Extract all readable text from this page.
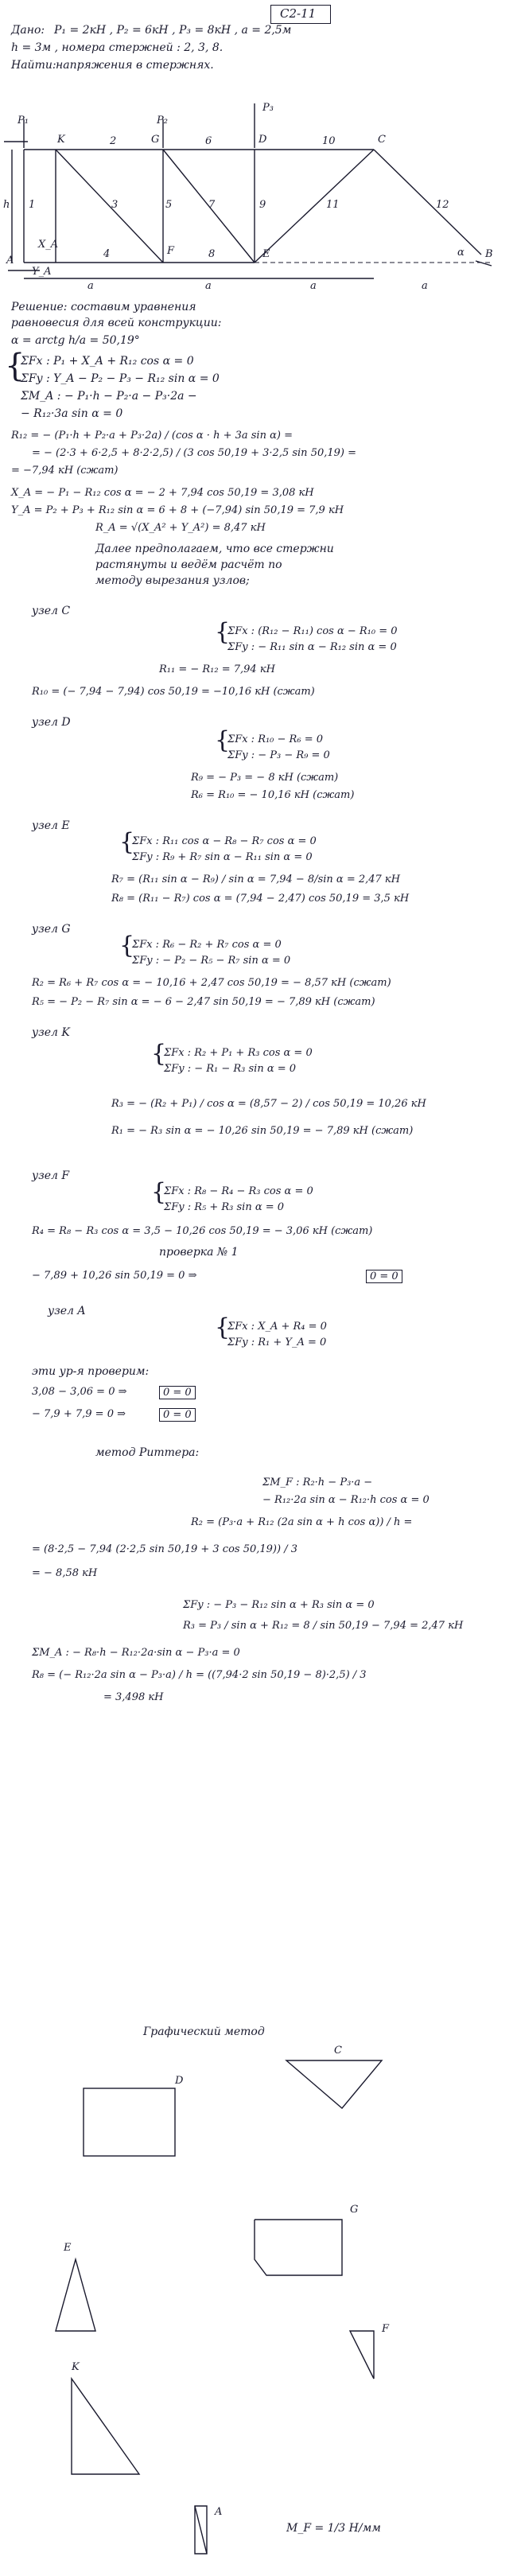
С2-11
Дано: P₁ = 2кН , P₂ = 6кН , P₃ = 8кН , a = 2,5м
h = 3м , номера стержней : 2, 3, 8.
Найти: напряжения в стержнях.
P₁	P₂
P₃
K	G	D	C
A
F	E	B
1
2
3
4
5
6
7
8
9
10
11	12
a	a	a	a
h
α
X_A
Y_A
Решение: составим уравнения
равновесия для всей конструкции:
α = arctg h/a = 50,19°
{
ΣFx : P₁ + X_A + R₁₂ cos α = 0
ΣFy : Y_A − P₂ − P₃ − R₁₂ sin α = 0
ΣM_A : − P₁·h − P₂·a − P₃·2a −
− R₁₂·3a sin α = 0
R₁₂ = − (P₁·h + P₂·a + P₃·2a) / (cos α · h + 3a sin α) =
= − (2·3 + 6·2,5 + 8·2·2,5) / (3 cos 50,19 + 3·2,5 sin 50,19) =
= −7,94 кН (сжат)
X_A = − P₁ − R₁₂ cos α = − 2 + 7,94 cos 50,19 = 3,08 кН
Y_A = P₂ + P₃ + R₁₂ sin α = 6 + 8 + (−7,94) sin 50,19 = 7,9 кН
R_A = √(X_A² + Y_A²) = 8,47 кН
Далее предполагаем, что все стержни
растянуты и ведём расчёт по
методу вырезания узлов;
узел C
{
ΣFx : (R₁₂ − R₁₁) cos α − R₁₀ = 0
ΣFy : − R₁₁ sin α − R₁₂ sin α = 0
R₁₁ = − R₁₂ = 7,94 кН
R₁₀ = (− 7,94 − 7,94) cos 50,19 = −10,16 кН (сжат)
узел D
{
ΣFx : R₁₀ − R₆ = 0
ΣFy : − P₃ − R₉ = 0
R₉ = − P₃ = − 8 кН (сжат)
R₆ = R₁₀ = − 10,16 кН (сжат)
узел E
{
ΣFx : R₁₁ cos α − R₈ − R₇ cos α = 0
ΣFy : R₉ + R₇ sin α − R₁₁ sin α = 0
R₇ = (R₁₁ sin α − R₉) / sin α = 7,94 − 8/sin α = 2,47 кН
R₈ = (R₁₁ − R₇) cos α = (7,94 − 2,47) cos 50,19 = 3,5 кН
узел G
{
ΣFx : R₆ − R₂ + R₇ cos α = 0
ΣFy : − P₂ − R₅ − R₇ sin α = 0
R₂ = R₆ + R₇ cos α = − 10,16 + 2,47 cos 50,19 = − 8,57 кН (сжат)
R₅ = − P₂ − R₇ sin α = − 6 − 2,47 sin 50,19 = − 7,89 кН (сжат)
узел K
{
ΣFx : R₂ + P₁ + R₃ cos α = 0
ΣFy : − R₁ − R₃ sin α = 0
R₃ = − (R₂ + P₁) / cos α = (8,57 − 2) / cos 50,19 = 10,26 кН
R₁ = − R₃ sin α = − 10,26 sin 50,19 = − 7,89 кН (сжат)
узел F
{
ΣFx : R₈ − R₄ − R₃ cos α = 0
ΣFy : R₅ + R₃ sin α = 0
R₄ = R₈ − R₃ cos α = 3,5 − 10,26 cos 50,19 = − 3,06 кН (сжат)
проверка № 1
− 7,89 + 10,26 sin 50,19 = 0 ⇒	0 = 0
узел A
{
ΣFx : X_A + R₄ = 0
ΣFy : R₁ + Y_A = 0
эти ур-я проверим:
3,08 − 3,06 = 0 ⇒	0 = 0
− 7,9 + 7,9 = 0 ⇒	0 = 0
метод Риттера:
ΣM_F : R₂·h − P₃·a −
− R₁₂·2a sin α − R₁₂·h cos α = 0
R₂ = (P₃·a + R₁₂ (2a sin α + h cos α)) / h =
= (8·2,5 − 7,94 (2·2,5 sin 50,19 + 3 cos 50,19)) / 3
= − 8,58 кН
ΣFy : − P₃ − R₁₂ sin α + R₃ sin α = 0
R₃ = P₃ / sin α + R₁₂ = 8 / sin 50,19 − 7,94 = 2,47 кН
ΣM_A : − R₈·h − R₁₂·2a·sin α − P₃·a = 0
R₈ = (− R₁₂·2a sin α − P₃·a) / h = ((7,94·2 sin 50,19 − 8)·2,5) / 3
= 3,498 кН
Графический метод
D
C
G
E
F
K
A
M_F = 1/3 Н/мм
